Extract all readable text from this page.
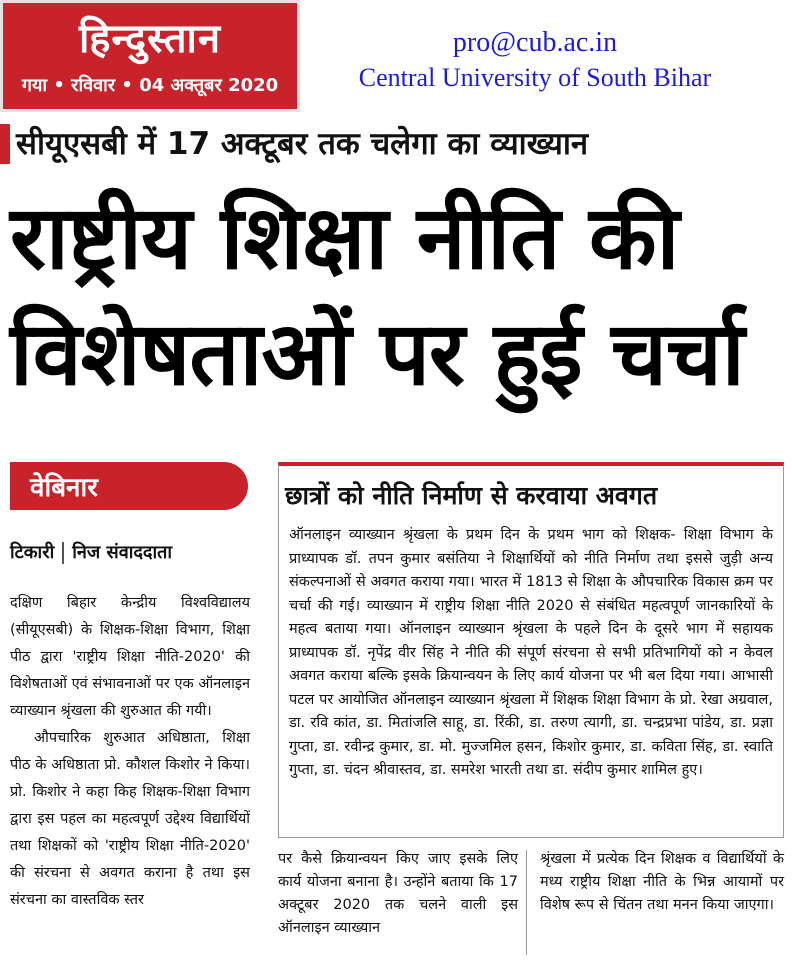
हिन्दुस्तान
गया • रविवार • 04 अक्तूबर 2020
pro@cub.ac.in
Central University of South Bihar
सीयूएसबी में 17 अक्टूबर तक चलेगा का व्याख्यान
राष्ट्रीय शिक्षा नीति की
विशेषताओं पर हुई चर्चा
वेबिनार
टिकारी निज संवाददाता

दक्षिण बिहार केन्द्रीय विश्वविद्यालय (सीयूएसबी) के शिक्षक-शिक्षा विभाग, शिक्षा पीठ द्वारा 'राष्ट्रीय शिक्षा नीति-2020' की विशेषताओं एवं संभावनाओं पर एक ऑनलाइन व्याख्यान श्रृंखला की शुरुआत की गयी।

औपचारिक शुरुआत अधिष्ठाता, शिक्षा पीठ के अधिष्ठाता प्रो. कौशल किशोर ने किया। प्रो. किशोर ने कहा किह शिक्षक-शिक्षा विभाग द्वारा इस पहल का महत्वपूर्ण उद्देश्य विद्यार्थियों तथा शिक्षकों को 'राष्ट्रीय शिक्षा नीति-2020' की संरचना से अवगत कराना है तथा इस संरचना का वास्तविक स्तर

छात्रों को नीति निर्माण से करवाया अवगत
ऑनलाइन व्याख्यान श्रृंखला के प्रथम दिन के प्रथम भाग को शिक्षक- शिक्षा विभाग के प्राध्यापक डॉ. तपन कुमार बसंतिया ने शिक्षार्थियों को नीति निर्माण तथा इससे जुड़ी अन्य संकल्पनाओं से अवगत कराया गया। भारत में 1813 से शिक्षा के औपचारिक विकास क्रम पर चर्चा की गई। व्याख्यान में राष्ट्रीय शिक्षा नीति 2020 से संबंधित महत्वपूर्ण जानकारियों के महत्व बताया गया। ऑनलाइन व्याख्यान श्रृंखला के पहले दिन के दूसरे भाग में सहायक प्राध्यापक डॉ. नृपेंद्र वीर सिंह ने नीति की संपूर्ण संरचना से सभी प्रतिभागियों को न केवल अवगत कराया बल्कि इसके क्रियान्वयन के लिए कार्य योजना पर भी बल दिया गया। आभासी पटल पर आयोजित ऑनलाइन व्याख्यान श्रृंखला में शिक्षक शिक्षा विभाग के प्रो. रेखा अग्रवाल, डा. रवि कांत, डा. मितांजलि साहू, डा. रिंकी, डा. तरुण त्यागी, डा. चन्द्रप्रभा पांडेय, डा. प्रज्ञा गुप्ता, डा. रवीन्द्र कुमार, डा. मो. मुज्जमिल हसन, किशोर कुमार, डा. कविता सिंह, डा. स्वाति गुप्ता, डा. चंदन श्रीवास्तव, डा. समरेश भारती तथा डा. संदीप कुमार शामिल हुए।
पर कैसे क्रियान्वयन किए जाए इसके लिए कार्य योजना बनाना है। उन्होंने बताया कि 17 अक्टूबर 2020 तक चलने वाली इस ऑनलाइन व्याख्यान
श्रृंखला में प्रत्येक दिन शिक्षक व विद्यार्थियों के मध्य राष्ट्रीय शिक्षा नीति के भिन्न आयामों पर विशेष रूप से चिंतन तथा मनन किया जाएगा।
